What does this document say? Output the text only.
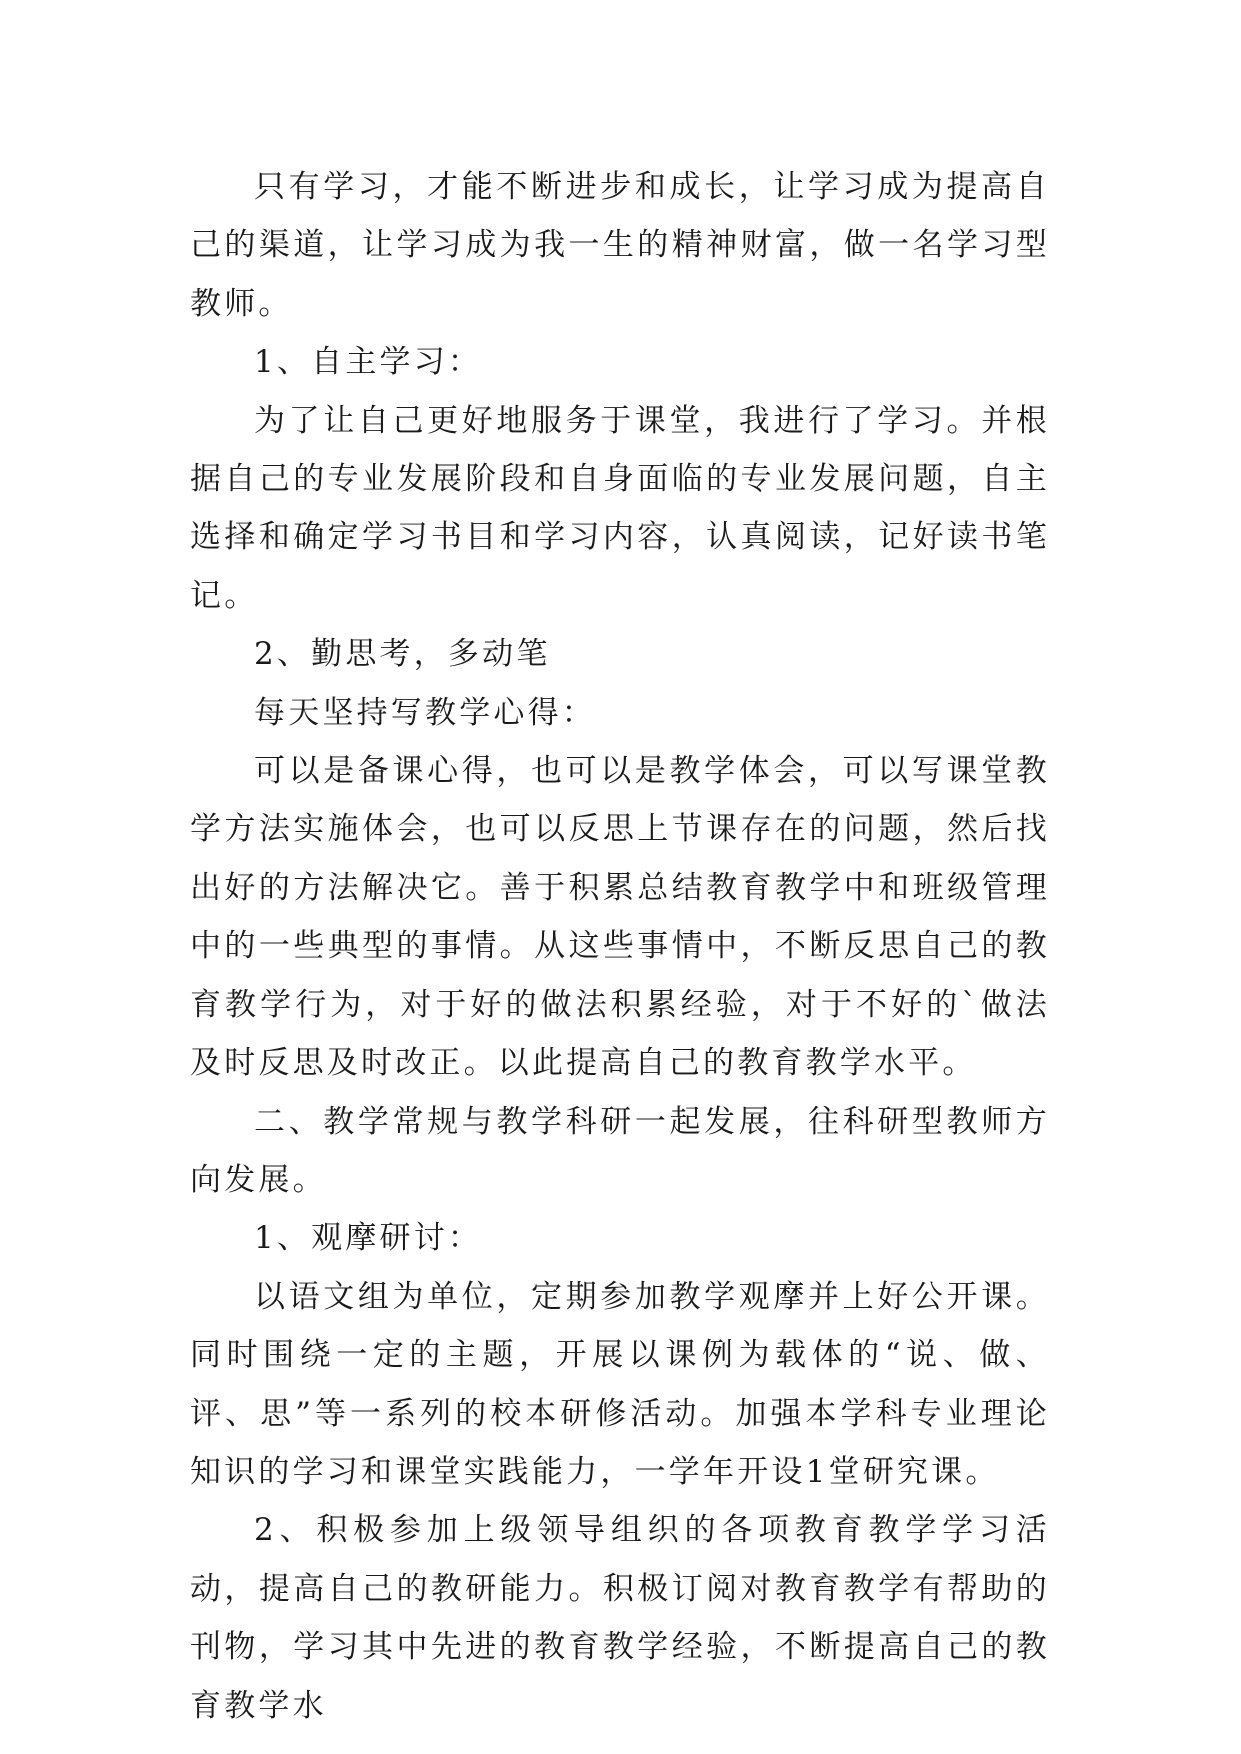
只有学习，才能不断进步和成长，让学习成为提高自己的渠道，让学习成为我一生的精神财富，做一名学习型教师。

1、自主学习：

为了让自己更好地服务于课堂，我进行了学习。并根据自己的专业发展阶段和自身面临的专业发展问题，自主选择和确定学习书目和学习内容，认真阅读，记好读书笔记。

2、勤思考，多动笔

每天坚持写教学心得：

可以是备课心得，也可以是教学体会，可以写课堂教学方法实施体会，也可以反思上节课存在的问题，然后找出好的方法解决它。善于积累总结教育教学中和班级管理中的一些典型的事情。从这些事情中，不断反思自己的教育教学行为，对于好的做法积累经验，对于不好的`做法及时反思及时改正。以此提高自己的教育教学水平。

二、教学常规与教学科研一起发展，往科研型教师方向发展。

1、观摩研讨：

以语文组为单位，定期参加教学观摩并上好公开课。同时围绕一定的主题，开展以课例为载体的“说、做、评、思”等一系列的校本研修活动。加强本学科专业理论知识的学习和课堂实践能力，一学年开设1堂研究课。

2、积极参加上级领导组织的各项教育教学学习活动，提高自己的教研能力。积极订阅对教育教学有帮助的刊物，学习其中先进的教育教学经验，不断提高自己的教育教学水
